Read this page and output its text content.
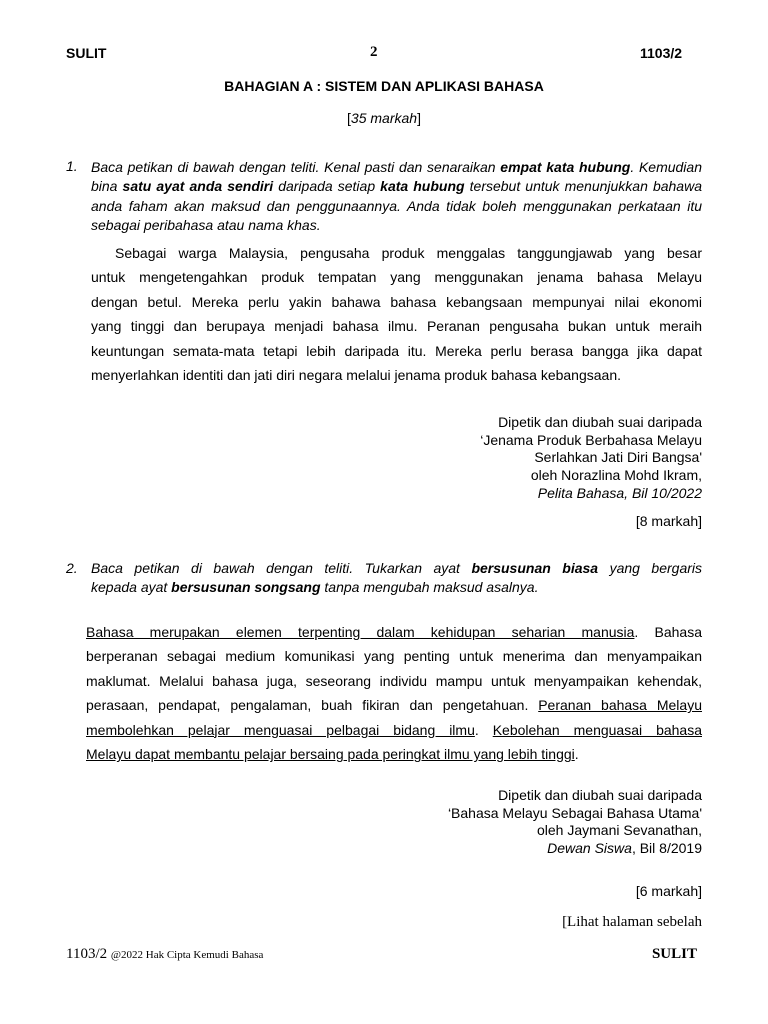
SULIT	2	1103/2
BAHAGIAN A : SISTEM DAN APLIKASI BAHASA
[35 markah]
1. Baca petikan di bawah dengan teliti. Kenal pasti dan senaraikan empat kata hubung. Kemudian bina satu ayat anda sendiri daripada setiap kata hubung tersebut untuk menunjukkan bahawa anda faham akan maksud dan penggunaannya. Anda tidak boleh menggunakan perkataan itu sebagai peribahasa atau nama khas.
Sebagai warga Malaysia, pengusaha produk menggalas tanggungjawab yang besar
untuk mengetengahkan produk tempatan yang menggunakan jenama bahasa Melayu
dengan betul. Mereka perlu yakin bahawa bahasa kebangsaan mempunyai nilai ekonomi
yang tinggi dan berupaya menjadi bahasa ilmu. Peranan pengusaha bukan untuk meraih
keuntungan semata-mata tetapi lebih daripada itu. Mereka perlu berasa bangga jika dapat
menyerlahkan identiti dan jati diri negara melalui jenama produk bahasa kebangsaan.
Dipetik dan diubah suai daripada
‘Jenama Produk Berbahasa Melayu
Serlahkan Jati Diri Bangsa'
oleh Norazlina Mohd Ikram,
Pelita Bahasa, Bil 10/2022
[8 markah]
2. Baca petikan di bawah dengan teliti. Tukarkan ayat bersusunan biasa yang bergaris
kepada ayat bersusunan songsang tanpa mengubah maksud asalnya.
Bahasa merupakan elemen terpenting dalam kehidupan seharian manusia. Bahasa
berperanan sebagai medium komunikasi yang penting untuk menerima dan menyampaikan
maklumat. Melalui bahasa juga, seseorang individu mampu untuk menyampaikan kehendak,
perasaan, pendapat, pengalaman, buah fikiran dan pengetahuan. Peranan bahasa Melayu
membolehkan pelajar menguasai pelbagai bidang ilmu. Kebolehan menguasai bahasa
Melayu dapat membantu pelajar bersaing pada peringkat ilmu yang lebih tinggi.
Dipetik dan diubah suai daripada
‘Bahasa Melayu Sebagai Bahasa Utama'
oleh Jaymani Sevanathan,
Dewan Siswa, Bil 8/2019
[6 markah]
[Lihat halaman sebelah
1103/2 @2022 Hak Cipta Kemudi Bahasa	SULIT
